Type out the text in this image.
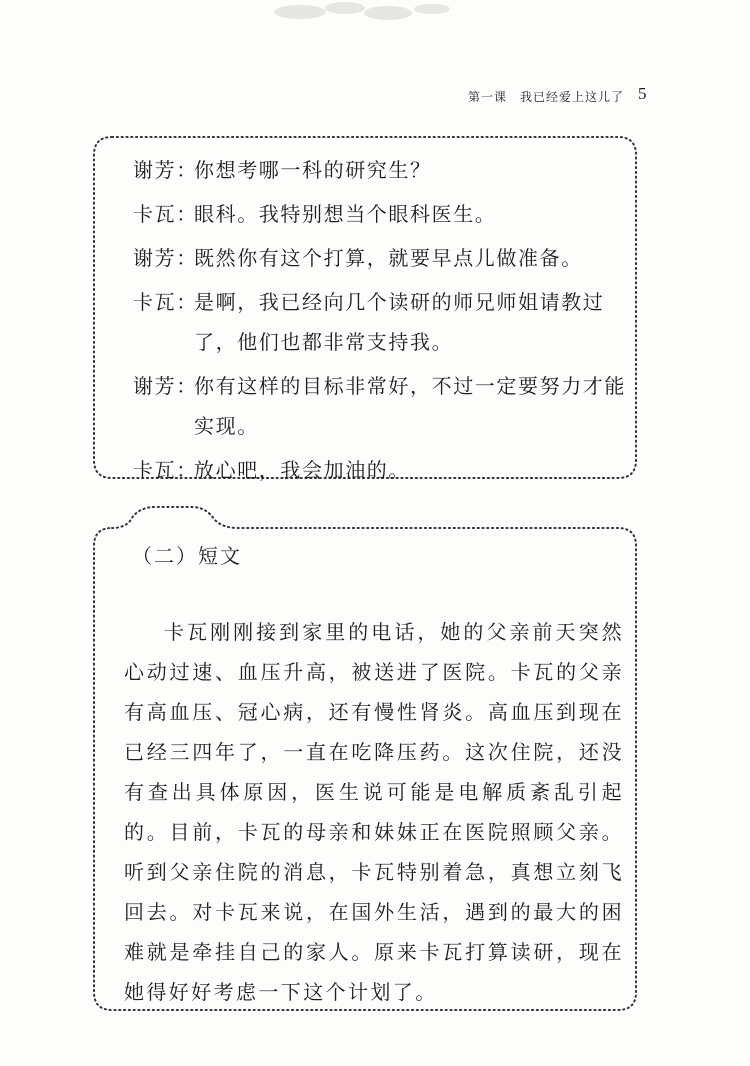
第一课　我已经爱上这儿了 5
谢芳：
你想考哪一科的研究生？
卡瓦：
眼科。我特别想当个眼科医生。
谢芳：
既然你有这个打算，就要早点儿做准备。
卡瓦：
是啊，我已经向几个读研的师兄师姐请教过了，他们也都非常支持我。
谢芳：
你有这样的目标非常好，不过一定要努力才能实现。
卡瓦：
放心吧，我会加油的。
（二）短文

卡瓦刚刚接到家里的电话，她的父亲前天突然心动过速、血压升高，被送进了医院。卡瓦的父亲有高血压、冠心病，还有慢性肾炎。高血压到现在已经三四年了，一直在吃降压药。这次住院，还没有查出具体原因，医生说可能是电解质紊乱引起的。目前，卡瓦的母亲和妹妹正在医院照顾父亲。听到父亲住院的消息，卡瓦特别着急，真想立刻飞回去。对卡瓦来说，在国外生活，遇到的最大的困难就是牵挂自己的家人。原来卡瓦打算读研，现在她得好好考虑一下这个计划了。
